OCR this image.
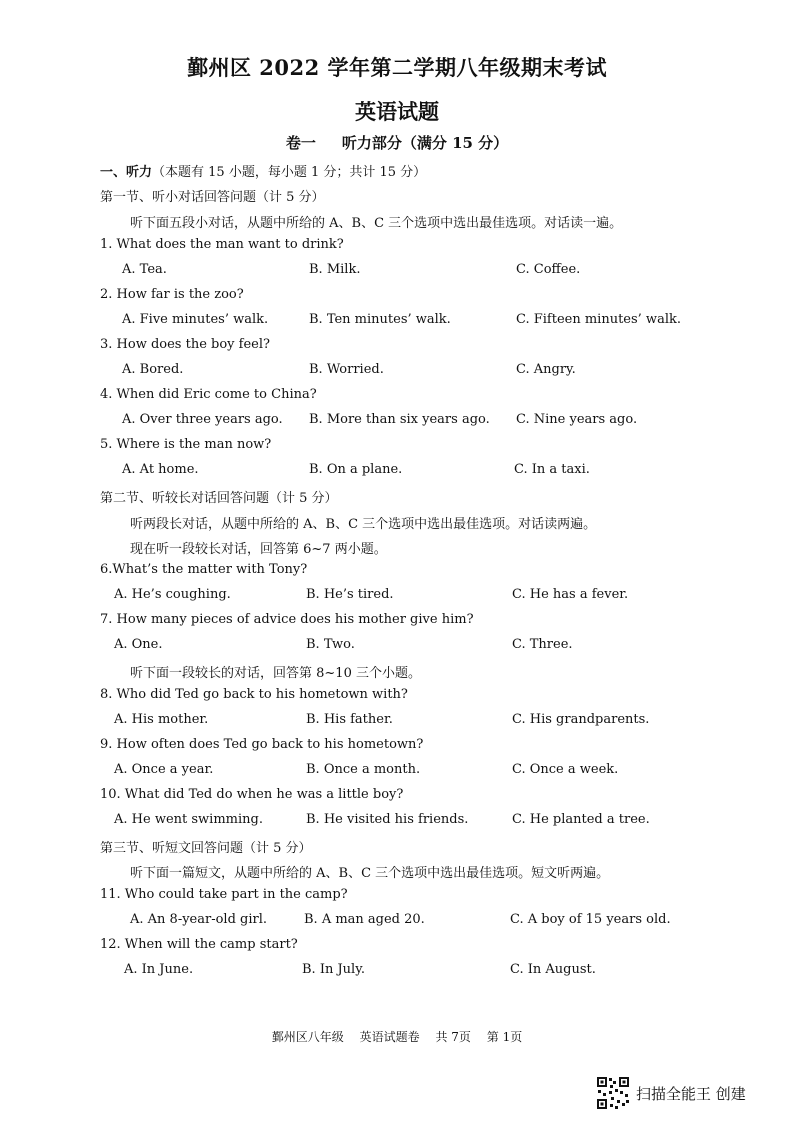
鄞州区 2022 学年第二学期八年级期末考试
英语试题
卷一 听力部分（满分 15 分）
一、听力（本题有 15 小题，每小题 1 分；共计 15 分）
第一节、听小对话回答问题（计 5 分）
听下面五段小对话，从题中所给的 A、B、C 三个选项中选出最佳选项。对话读一遍。
1. What does the man want to drink?
A. Tea.	B. Milk.	C. Coffee.
2. How far is the zoo?
A. Five minutes’ walk.	B. Ten minutes’ walk.	C. Fifteen minutes’ walk.
3. How does the boy feel?
A. Bored.	B. Worried.	C. Angry.
4. When did Eric come to China?
A. Over three years ago. B. More than six years ago. C. Nine years ago.
5. Where is the man now?
A. At home.	B. On a plane.	C. In a taxi.
第二节、听较长对话回答问题（计 5 分）
听两段长对话，从题中所给的 A、B、C 三个选项中选出最佳选项。对话读两遍。
现在听一段较长对话，回答第 6~7 两小题。
6.What’s the matter with Tony?
A. He’s coughing.	B. He’s tired.	C. He has a fever.
7. How many pieces of advice does his mother give him?
A. One.	B. Two.	C. Three.
听下面一段较长的对话，回答第 8~10 三个小题。
8. Who did Ted go back to his hometown with?
A. His mother.	B. His father.	C. His grandparents.
9. How often does Ted go back to his hometown?
A. Once a year.	B. Once a month.	C. Once a week.
10. What did Ted do when he was a little boy?
A. He went swimming.	B. He visited his friends.	C. He planted a tree.
第三节、听短文回答问题（计 5 分）
听下面一篇短文，从题中所给的 A、B、C 三个选项中选出最佳选项。短文听两遍。
11. Who could take part in the camp?
A. An 8-year-old girl.	B. A man aged 20.	C. A boy of 15 years old.
12. When will the camp start?
A. In June.	B. In July.	C. In August.
鄞州区八年级 英语试题卷 共 7页 第 1页
扫描全能王 创建
